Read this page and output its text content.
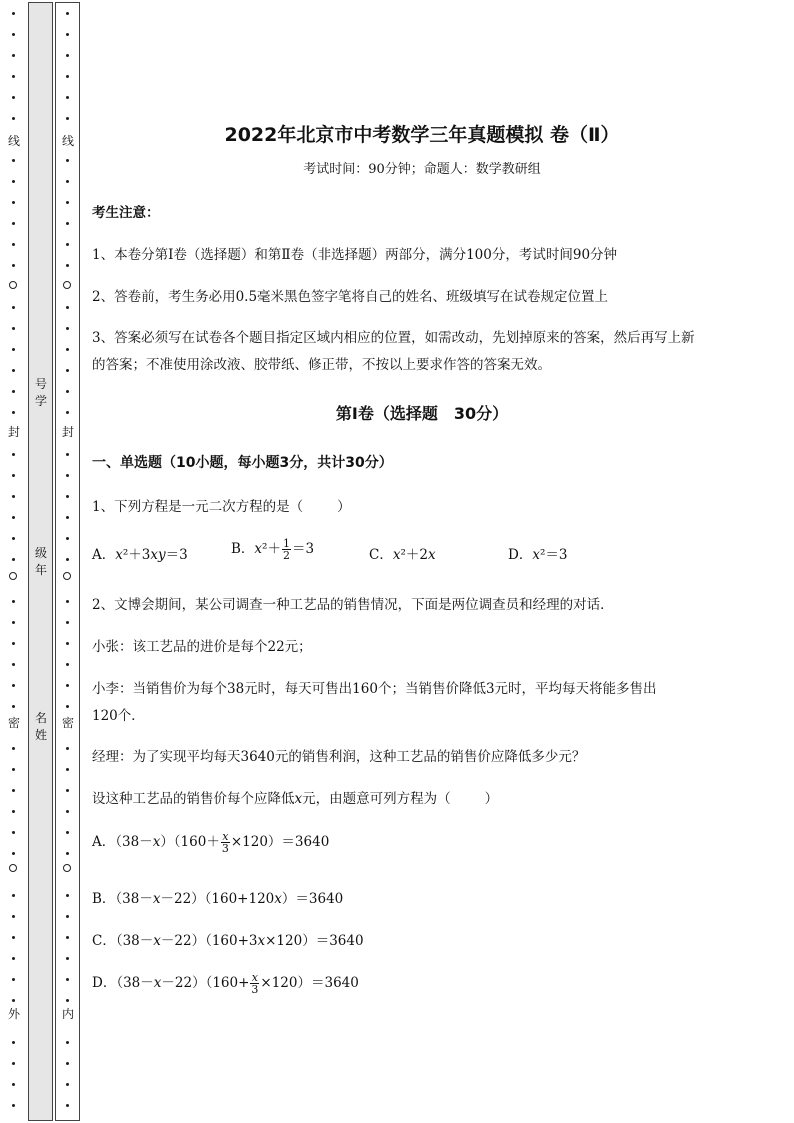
线
封
密
外
线
封
密
内
号学
级年
名姓
2022年北京市中考数学三年真题模拟 卷（Ⅱ）
考试时间：90分钟；命题人：数学教研组
考生注意：
1、本卷分第Ⅰ卷（选择题）和第Ⅱ卷（非选择题）两部分，满分100分，考试时间90分钟
2、答卷前，考生务必用0.5毫米黑色签字笔将自己的姓名、班级填写在试卷规定位置上
3、答案必须写在试卷各个题目指定区域内相应的位置，如需改动，先划掉原来的答案，然后再写上新
的答案；不准使用涂改液、胶带纸、修正带，不按以上要求作答的答案无效。
第Ⅰ卷（选择题　30分）
一、单选题（10小题，每小题3分，共计30分）
1、下列方程是一元二次方程的是（	）
A．x²＋3xy＝3	B．$x^2+ \frac{1}{2} =3$	C．x²＋2x	D．x²＝3
2、文博会期间，某公司调查一种工艺品的销售情况，下面是两位调查员和经理的对话．
小张：该工艺品的进价是每个22元；
小李：当销售价为每个38元时，每天可售出160个；当销售价降低3元时，平均每天将能多售出
120个．
经理：为了实现平均每天3640元的销售利润，这种工艺品的销售价应降低多少元？
设这种工艺品的销售价每个应降低x元，由题意可列方程为（	）
A．$(38-x)(160+ \frac{x}{3} \times 120)=3640$
B．（38－x－22）（160+120x）＝3640
C．（38－x－22）（160+3x×120）＝3640
D．$(38-x-22)(160+ \frac{x}{3} \times 120)=3640$
